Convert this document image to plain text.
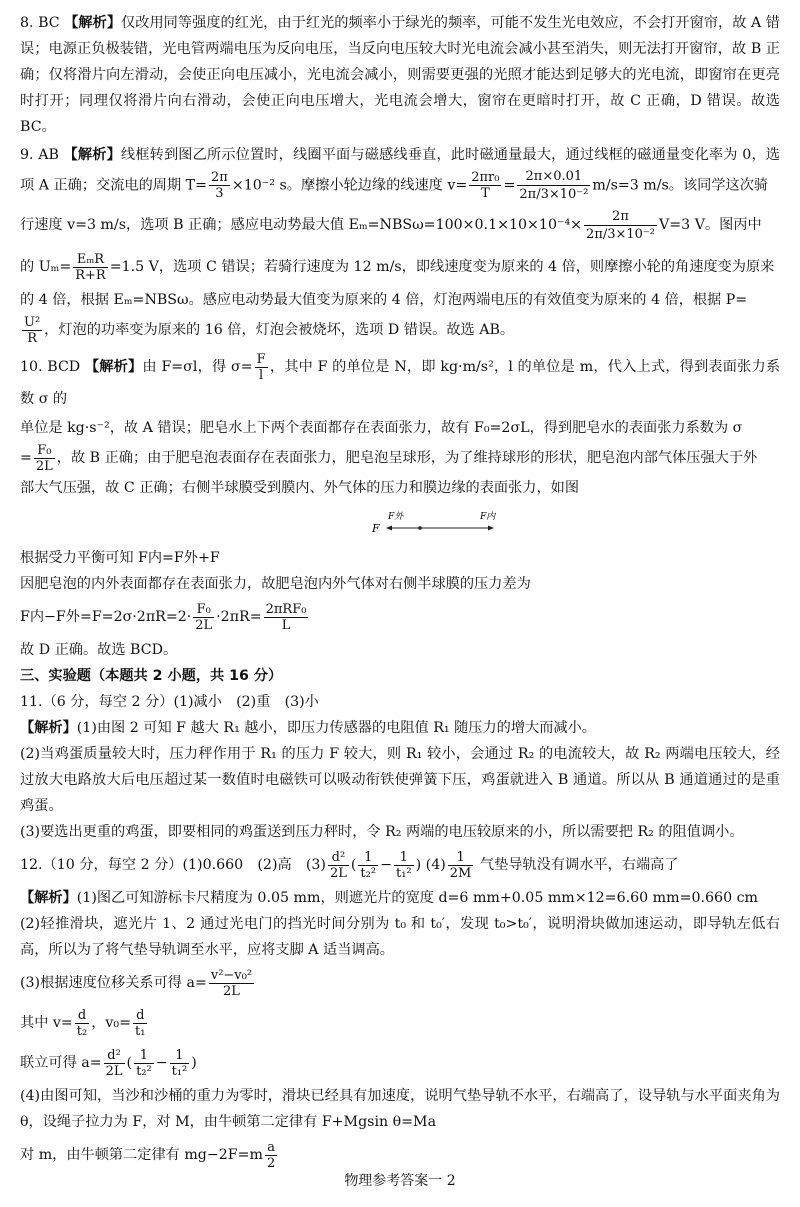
8. BC 【解析】仅改用同等强度的红光，由于红光的频率小于绿光的频率，可能不发生光电效应，不会打开窗帘，故 A 错误；电源正负极装错，光电管两端电压为反向电压，当反向电压较大时光电流会减小甚至消失，则无法打开窗帘，故 B 正确；仅将滑片向左滑动，会使正向电压减小，光电流会减小，则需要更强的光照才能达到足够大的光电流，即窗帘在更亮时打开；同理仅将滑片向右滑动，会使正向电压增大，光电流会增大，窗帘在更暗时打开，故 C 正确，D 错误。故选 BC。

9. AB 【解析】线框转到图乙所示位置时，线圈平面与磁感线垂直，此时磁通量最大，通过线框的磁通量变化率为 0，选项 A 正确；交流电的周期 $T= \frac{2\pi}{3} \times 10^{-2}$ s。摩擦小轮边缘的线速度 $v= \frac{\text{2πr₀}}{T} = \frac{2\pi\times 0.01}{\text{2π/3×10⁻²}} m/s=3$ m/s。该同学这次骑

行速度 v=3 m/s，选项 B 正确；感应电动势最大值 $E_m=NBS\omega=100\times 0.1\times 10\times 10^{-4}\times \frac{2\pi}{\text{2π/3×10⁻²}} V=3$ V。图丙中

的 $U_m= \frac{\text{EₘR}}{R+R} =1.5$ V，选项 C 错误；若骑行速度为 12 m/s，即线速度变为原来的 4 倍，则摩擦小轮的角速度变为原来

的 4 倍，根据 Eₘ=NBSω。感应电动势最大值变为原来的 4 倍，灯泡两端电压的有效值变为原来的 4 倍，根据 P=

$\frac{\text{U²}}{R}$ ，灯泡的功率变为原来的 16 倍，灯泡会被烧坏，选项 D 错误。故选 AB。

10. BCD 【解析】由 F=σl，得 $\sigma= \frac{F}{l}$ ，其中 F 的单位是 N，即 kg·m/s²，l 的单位是 m，代入上式，得到表面张力系数 σ 的

单位是 kg·s⁻²，故 A 错误；肥皂水上下两个表面都存在表面张力，故有 F₀=2σL，得到肥皂水的表面张力系数为 σ

= $\frac{\text{F₀}}{2L}$ ，故 B 正确；由于肥皂泡表面存在表面张力，肥皂泡呈球形，为了维持球形的形状，肥皂泡内部气体压强大于外

部大气压强，故 C 正确；右侧半球膜受到膜内、外气体的压力和膜边缘的表面张力，如图

F
F外	F内

根据受力平衡可知 F内=F外+F

因肥皂泡的内外表面都存在表面张力，故肥皂泡内外气体对右侧半球膜的压力差为

F内−F外$=F=2\sigma\cdot 2\pi R=2\cdot \frac{\text{F₀}}{2L} \cdot 2\pi R= \frac{\text{2πRF₀}}{L}$

故 D 正确。故选 BCD。

三、实验题（本题共 2 小题，共 16 分）

11.（6 分，每空 2 分）(1)减小　(2)重　(3)小

【解析】(1)由图 2 可知 F 越大 R₁ 越小，即压力传感器的电阻值 R₁ 随压力的增大而减小。

(2)当鸡蛋质量较大时，压力秤作用于 R₁ 的压力 F 较大，则 R₁ 较小，会通过 R₂ 的电流较大，故 R₂ 两端电压较大，经过放大电路放大后电压超过某一数值时电磁铁可以吸动衔铁使弹簧下压，鸡蛋就进入 B 通道。所以从 B 通道通过的是重鸡蛋。

(3)要选出更重的鸡蛋，即要相同的鸡蛋送到压力秤时，令 R₂ 两端的电压较原来的小，所以需要把 R₂ 的阻值调小。

12.（10 分，每空 2 分）(1)0.660　(2)高　$(3) \frac{\text{d²}}{2L}$ ( $\frac{1}{\text{t₂²}} - \frac{1}{\text{t₁²}}$ ) $(4) \frac{1}{2M}$ 气垫导轨没有调水平，右端高了

【解析】(1)图乙可知游标卡尺精度为 0.05 mm，则遮光片的宽度 d=6 mm+0.05 mm×12=6.60 mm=0.660 cm

(2)轻推滑块，遮光片 1、2 通过光电门的挡光时间分别为 t₀ 和 t₀′，发现 t₀>t₀′，说明滑块做加速运动，即导轨左低右高，所以为了将气垫导轨调至水平，应将支脚 A 适当调高。

(3)根据速度位移关系可得 $a= \frac{\text{v²−v₀²}}{2L}$

其中 $v= \frac{d}{\text{t₂}}$ ，$v_0= \frac{d}{\text{t₁}}$

联立可得 $a= \frac{\text{d²}}{2L}$ ( $\frac{1}{\text{t₂²}} - \frac{1}{\text{t₁²}}$ )

(4)由图可知，当沙和沙桶的重力为零时，滑块已经具有加速度，说明气垫导轨不水平，右端高了，设导轨与水平面夹角为 θ，设绳子拉力为 F，对 M，由牛顿第二定律有 F+Mgsin θ=Ma

对 m，由牛顿第二定律有 $mg-2F=m \frac{a}{2}$

物理参考答案一 2
